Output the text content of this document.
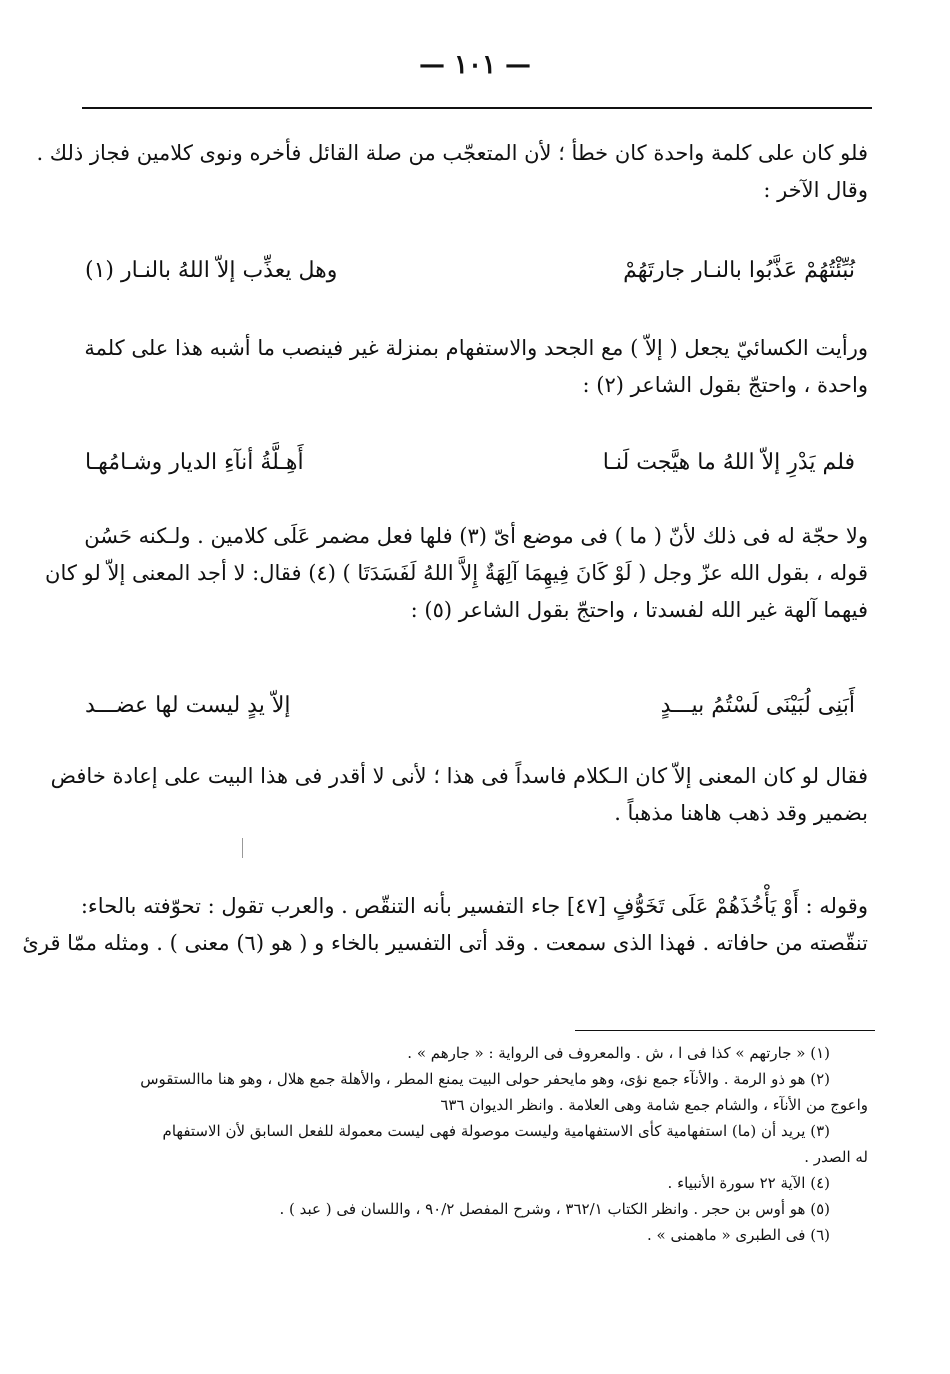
— ١٠١ —
فلو كان على كلمة واحدة كان خطأ ؛ لأن المتعجّب من صلة القائل فأخره ونوى كلامين فجاز ذلك .
وقال الآخر :
نُبِّئْتُهُمْ عَذَّبُوا بالنـار جارتَهُمْ
وهل يعذِّب إلاّ اللهُ بالنـار (١)
ورأيت الكسائيّ يجعل ( إلاّ ) مع الجحد والاستفهام بمنزلة غير فينصب ما أشبه هذا على كلمة
واحدة ، واحتجّ بقول الشاعر (٢) :
فلم يَدْرِ إلاّ اللهُ ما هيَّجت لَنـا
أَهِـلَّةُ أنآءِ الديار وشـامُهـا
ولا حجّة له فى ذلك لأنّ ( ما ) فى موضع أىّ (٣) فلها فعل مضمر عَلَى كلامين . ولـكنه حَسُن
قوله ، بقول الله عزّ وجل ( لَوْ كَانَ فِيهِمَا آلِهَةٌ إِلاَّ اللهُ لَفَسَدَتَا ) (٤) فقال: لا أجد المعنى إلاّ لو كان
فيهما آلهة غير الله لفسدتا ، واحتجّ بقول الشاعر (٥) :
أَبَنِى لُبَيْنَى لَسْتُمُ بيـــدٍ
إلاّ يدٍ ليست لها عضـــد
فقال لو كان المعنى إلاّ كان الـكلام فاسداً فى هذا ؛ لأنى لا أقدر فى هذا البيت على إعادة خافض
بضمير وقد ذهب هاهنا مذهباً .
وقوله : أَوْ يَأْخُذَهُمْ عَلَى تَخَوُّفٍ [٤٧] جاء التفسير بأنه التنقّص . والعرب تقول : تحوّفته بالحاء:
تنقّصته من حافاته . فهذا الذى سمعت . وقد أتى التفسير بالخاء و ( هو (٦) معنى ) . ومثله ممّا قرئ
(١) « جارتهم » كذا فى ا ، ش . والمعروف فى الرواية : « جارهم » .
(٢) هو ذو الرمة . والأنآء جمع نؤى، وهو مايحفر حولى البيت يمنع المطر ، والأهلة جمع هلال ، وهو هنا ماالستقوس
واعوج من الأنآء ، والشام جمع شامة وهى العلامة . وانظر الديوان ٦٣٦
(٣) يريد أن (ما) استفهامية كأى الاستفهامية وليست موصولة فهى ليست معمولة للفعل السابق لأن الاستفهام
له الصدر .
(٤) الآية ٢٢ سورة الأنبياء .
(٥) هو أوس بن حجر . وانظر الكتاب ٣٦٢/١ ، وشرح المفصل ٩٠/٢ ، واللسان فى ( عبد ) .
(٦) فى الطبرى « ماهمنى » .
